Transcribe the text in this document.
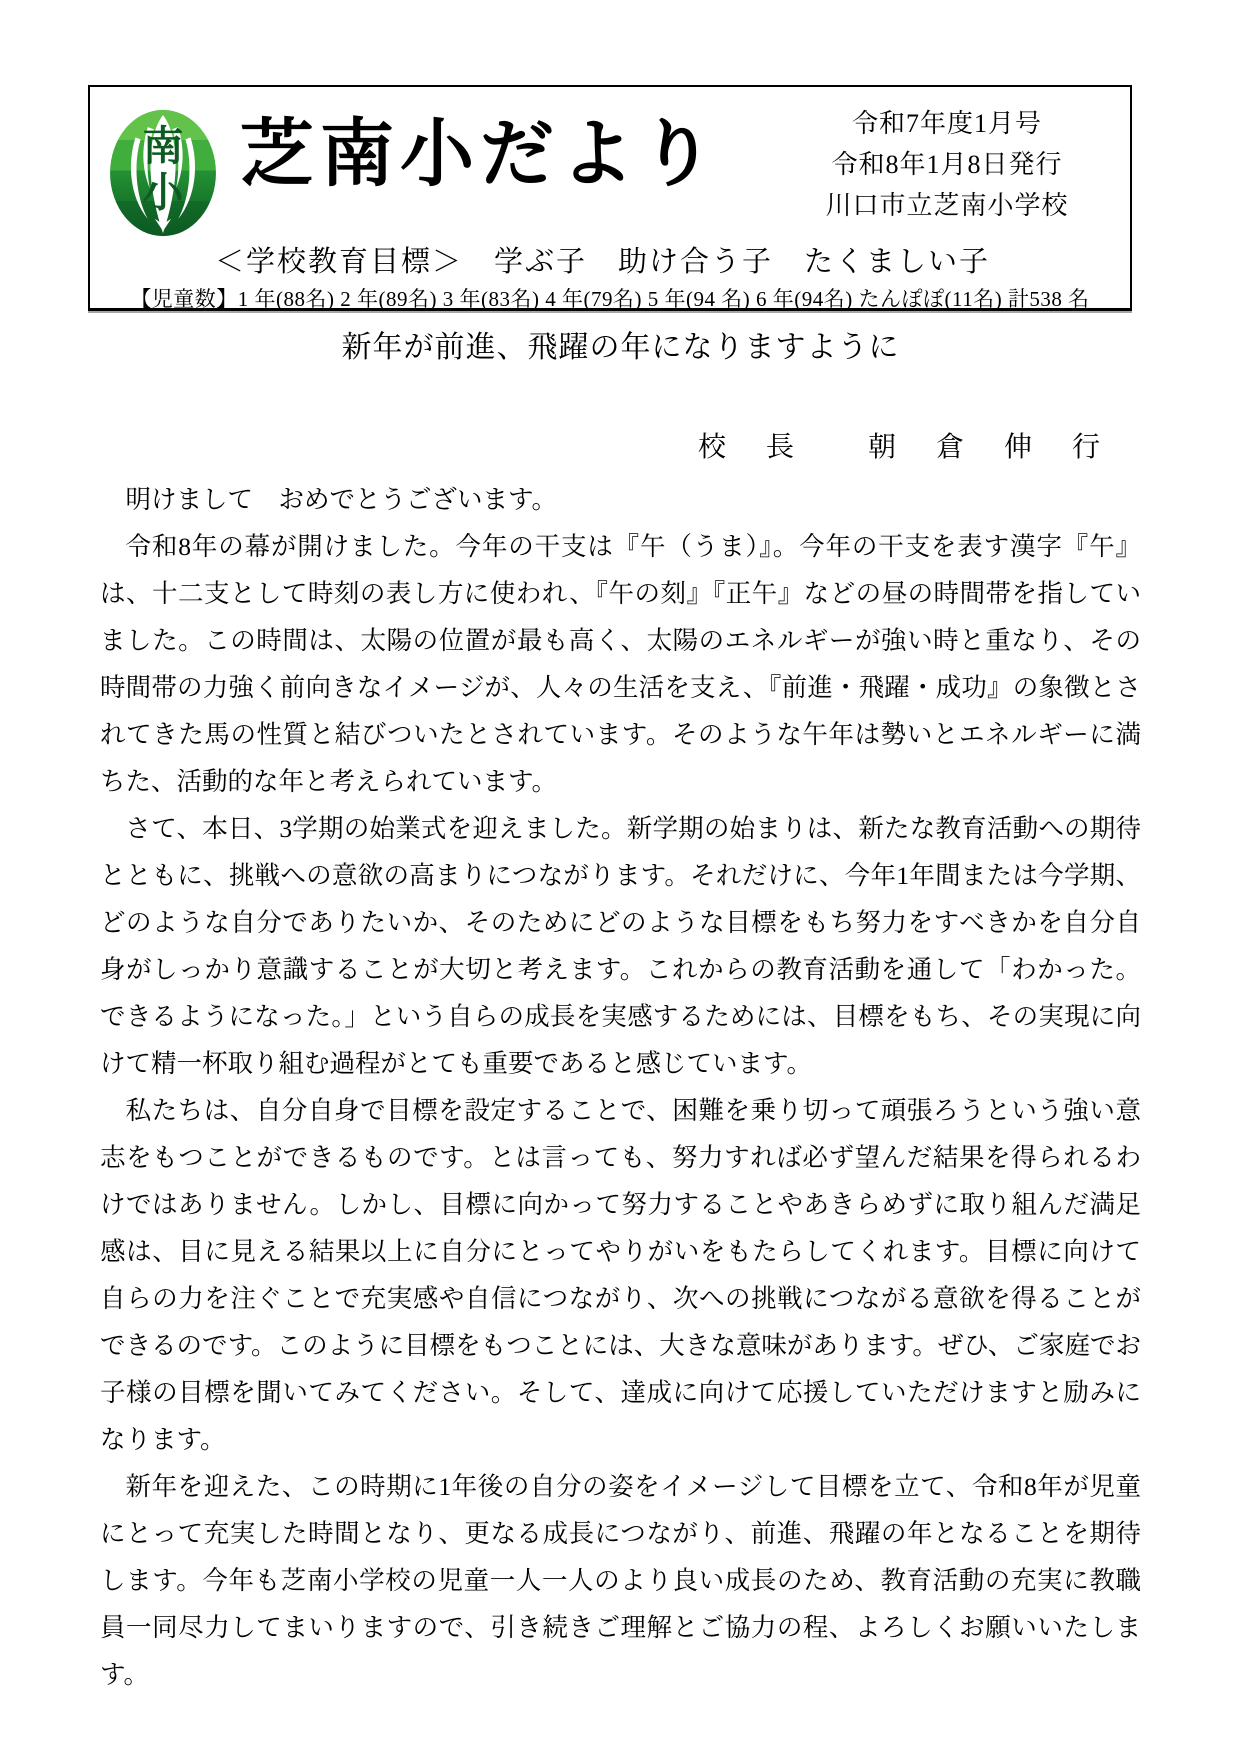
南
小 芝南小だより	令和7年度1月号
令和8年1月8日発行
川口市立芝南小学校
＜学校教育目標＞　学ぶ子　助け合う子　たくましい子
【児童数】1 年(88名) 2 年(89名) 3 年(83名) 4 年(79名) 5 年(94 名) 6 年(94名) たんぽぽ(11名) 計538 名
新年が前進、飛躍の年になりますように
校　長　　朝　倉　伸　行

明けまして　おめでとうございます。

令和8年の幕が開けました。今年の干支は『午（うま）』。今年の干支を表す漢字『午』は、十二支として時刻の表し方に使われ、『午の刻』『正午』などの昼の時間帯を指していました。この時間は、太陽の位置が最も高く、太陽のエネルギーが強い時と重なり、その時間帯の力強く前向きなイメージが、人々の生活を支え、『前進・飛躍・成功』の象徴とされてきた馬の性質と結びついたとされています。そのような午年は勢いとエネルギーに満ちた、活動的な年と考えられています。

さて、本日、3学期の始業式を迎えました。新学期の始まりは、新たな教育活動への期待とともに、挑戦への意欲の高まりにつながります。それだけに、今年1年間または今学期、どのような自分でありたいか、そのためにどのような目標をもち努力をすべきかを自分自身がしっかり意識することが大切と考えます。これからの教育活動を通して「わかった。できるようになった。」という自らの成長を実感するためには、目標をもち、その実現に向けて精一杯取り組む過程がとても重要であると感じています。

私たちは、自分自身で目標を設定することで、困難を乗り切って頑張ろうという強い意志をもつことができるものです。とは言っても、努力すれば必ず望んだ結果を得られるわけではありません。しかし、目標に向かって努力することやあきらめずに取り組んだ満足感は、目に見える結果以上に自分にとってやりがいをもたらしてくれます。目標に向けて自らの力を注ぐことで充実感や自信につながり、次への挑戦につながる意欲を得ることができるのです。このように目標をもつことには、大きな意味があります。ぜひ、ご家庭でお子様の目標を聞いてみてください。そして、達成に向けて応援していただけますと励みになります。

新年を迎えた、この時期に1年後の自分の姿をイメージして目標を立て、令和8年が児童にとって充実した時間となり、更なる成長につながり、前進、飛躍の年となることを期待します。今年も芝南小学校の児童一人一人のより良い成長のため、教育活動の充実に教職員一同尽力してまいりますので、引き続きご理解とご協力の程、よろしくお願いいたします。
